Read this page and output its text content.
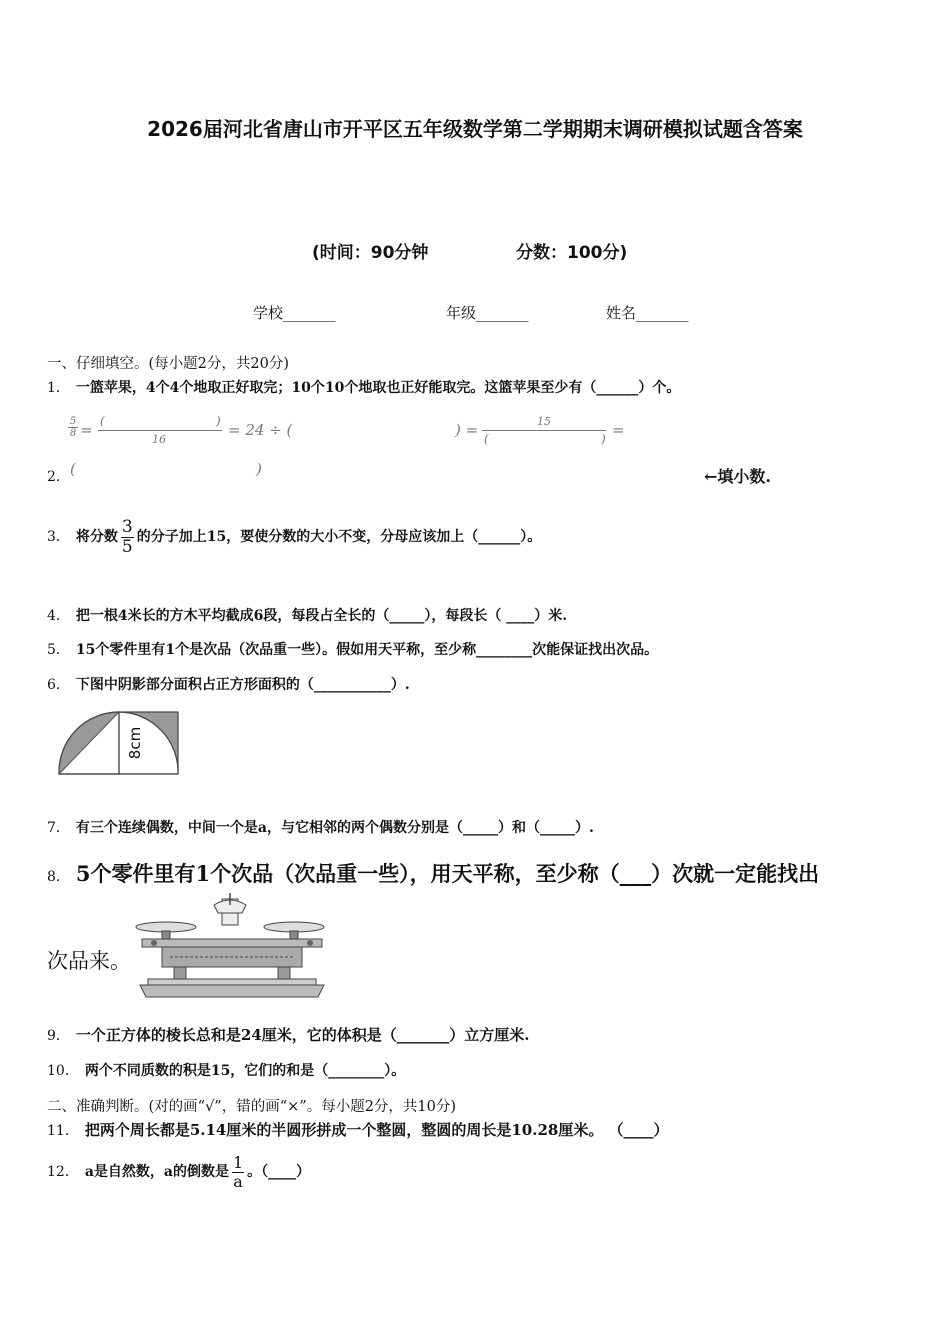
2026届河北省唐山市开平区五年级数学第二学期期末调研模拟试题含答案
(时间：90分钟	分数：100分)
学校_______	年级_______	姓名_______
一、仔细填空。(每小题2分，共20分)
1． 一篮苹果，4个4个地取正好取完；10个10个地取也正好能取完。这篮苹果至少有（______）个。
$\frac{5}{8}$ = (	)
16
= 24 ÷ (	) =	15
(	) =
2． (	)	←填小数.
3． 将分数 $\frac{3}{5}$ 的分子加上15，要使分数的大小不变，分母应该加上（______）。
4． 把一根4米长的方木平均截成6段，每段占全长的（_____），每段长（ ____）米.
5． 15个零件里有1个是次品（次品重一些）。假如用天平称，至少称________次能保证找出次品。
6． 下图中阴影部分面积占正方形面积的（___________）.
8cm
7． 有三个连续偶数，中间一个是a，与它相邻的两个偶数分别是（_____）和（_____）.
8． 5个零件里有1个次品（次品重一些），用天平称，至少称（___）次就一定能找出
次品来。
9． 一个正方体的棱长总和是24厘米，它的体积是（_______）立方厘米.
10． 两个不同质数的积是15，它们的和是（________）。
二、准确判断。(对的画“√”，错的画“×”。每小题2分，共10分)
11． 把两个周长都是5.14厘米的半圆形拼成一个整圆，整圆的周长是10.28厘米。 （____）
12． a是自然数，a的倒数是 $\frac{1}{a}$ 。（____）
